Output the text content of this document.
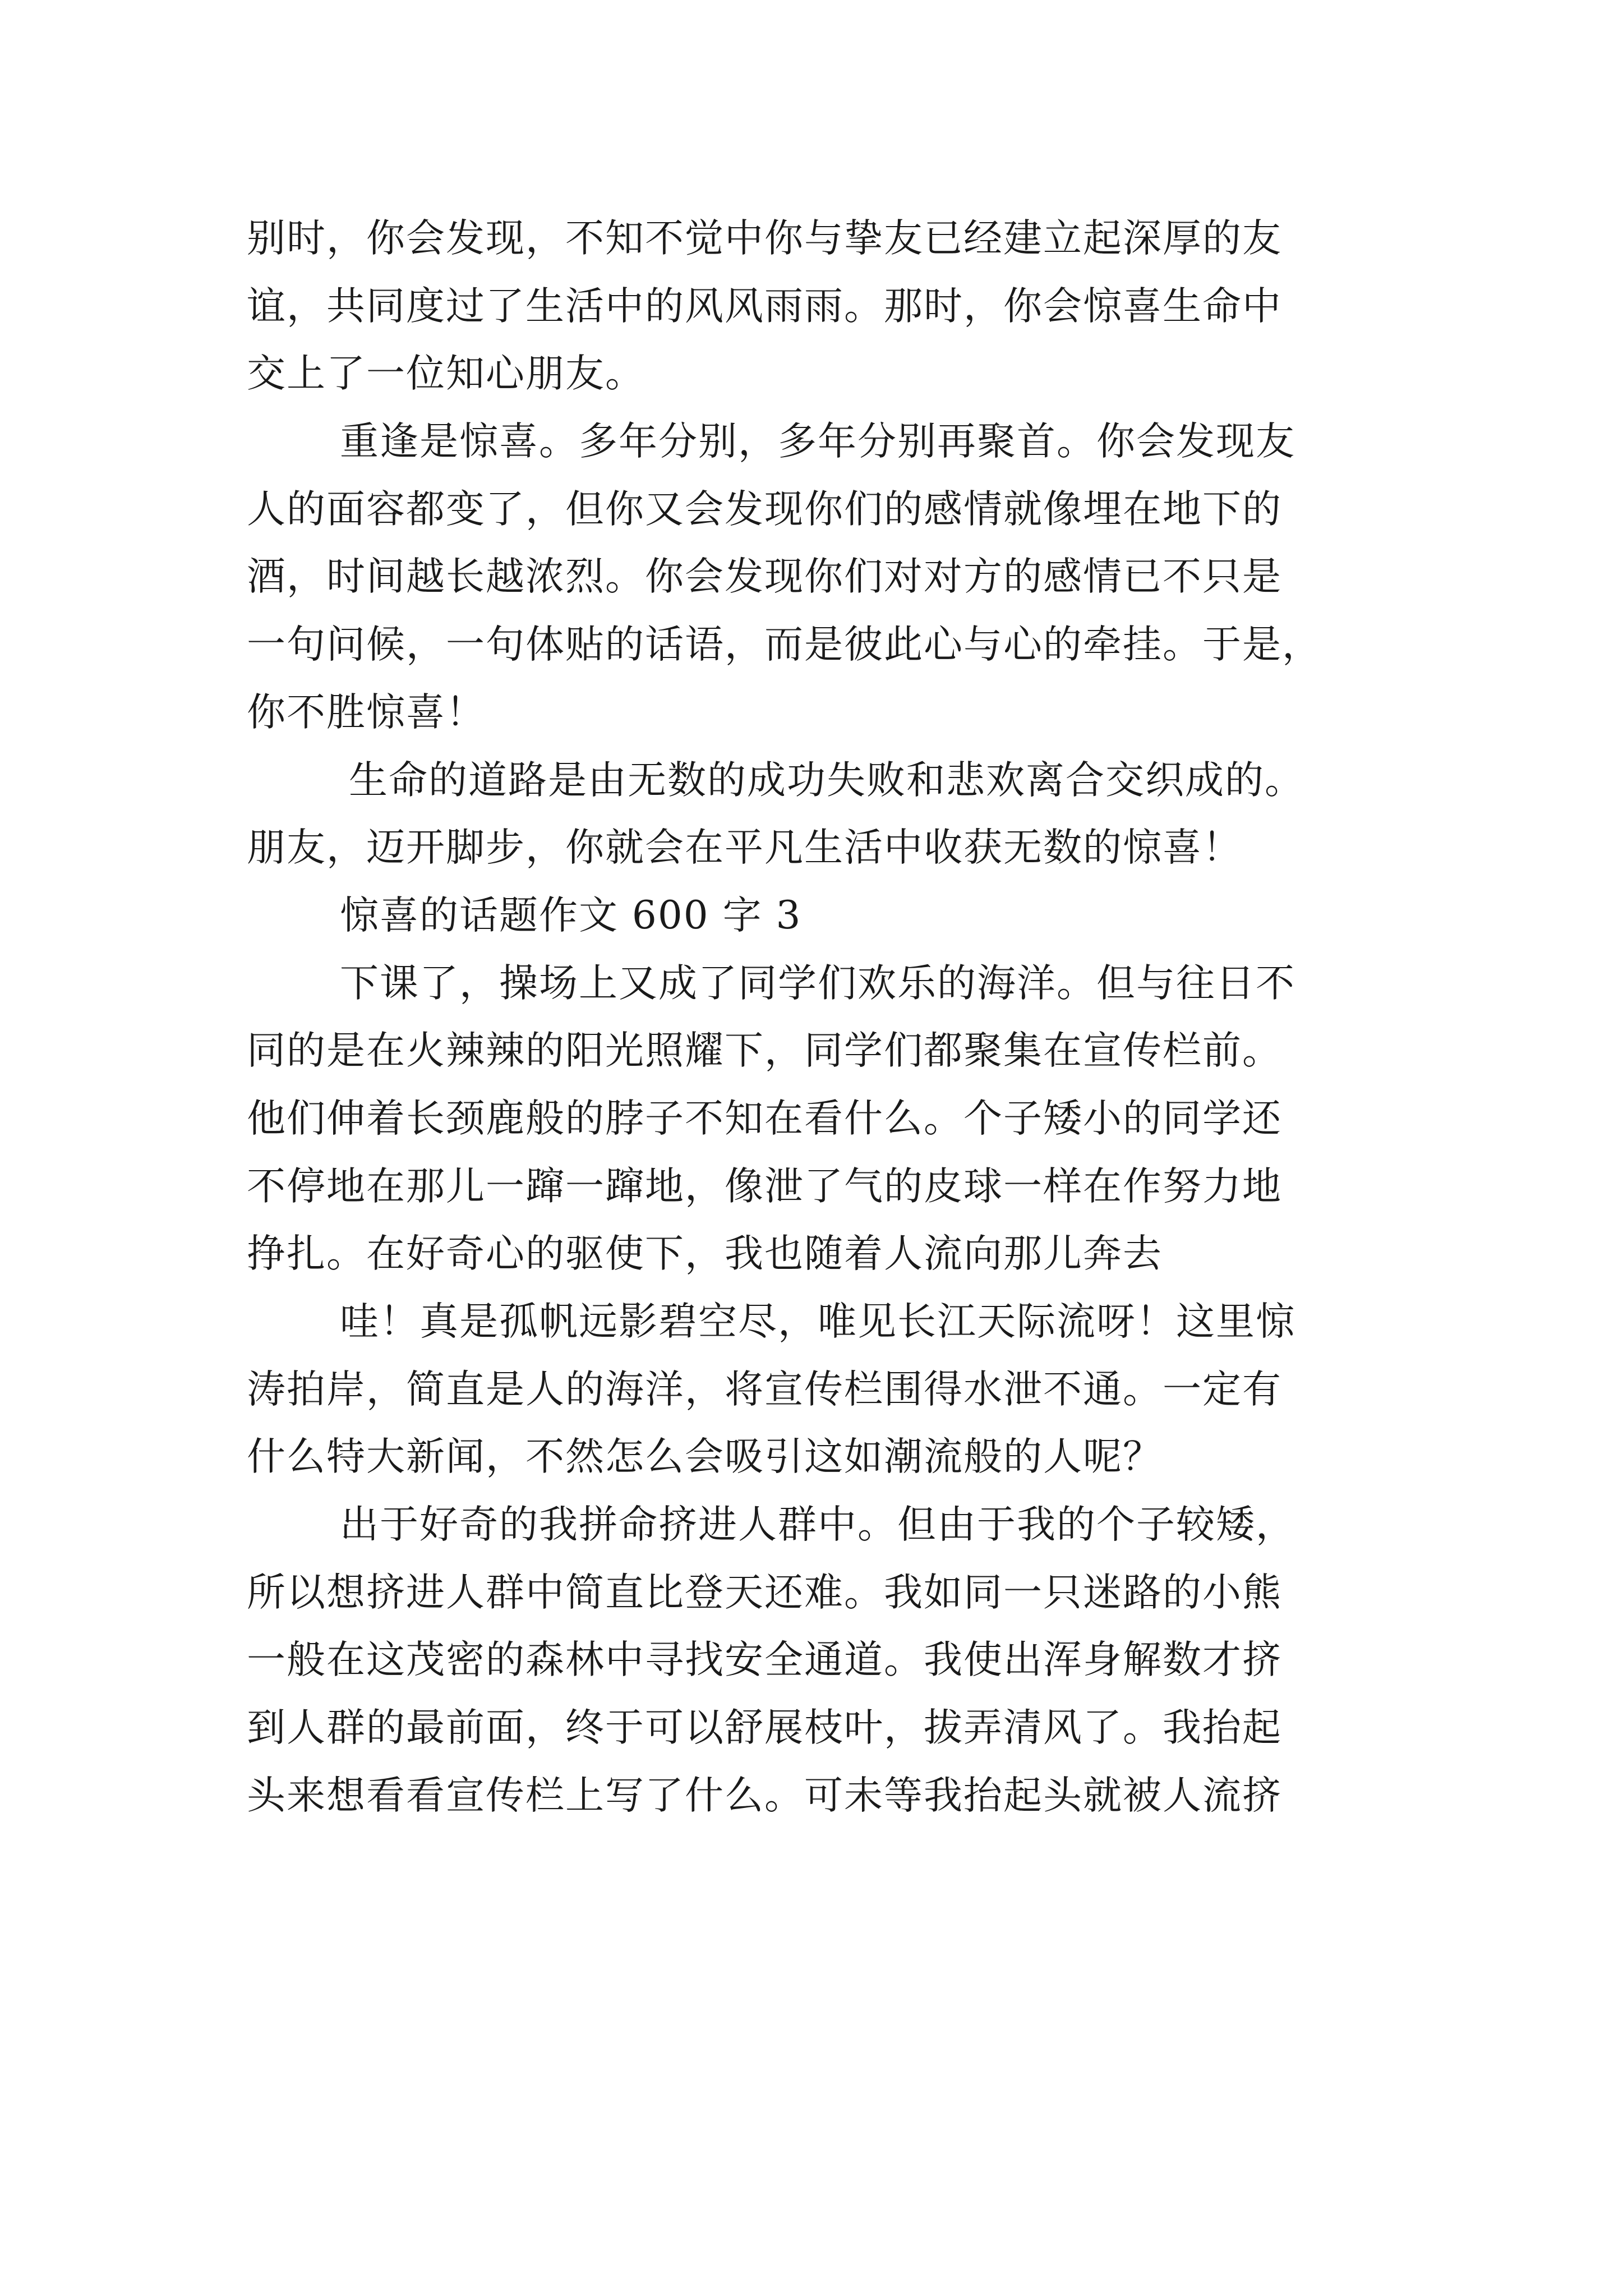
别时，你会发现，不知不觉中你与挚友已经建立起深厚的友
谊，共同度过了生活中的风风雨雨。那时，你会惊喜生命中
交上了一位知心朋友。
重逢是惊喜。多年分别，多年分别再聚首。你会发现友
人的面容都变了，但你又会发现你们的感情就像埋在地下的
酒，时间越长越浓烈。你会发现你们对对方的感情已不只是
一句问候，一句体贴的话语，而是彼此心与心的牵挂。于是，
你不胜惊喜！
生命的道路是由无数的成功失败和悲欢离合交织成的。
朋友，迈开脚步，你就会在平凡生活中收获无数的惊喜！
惊喜的话题作文 600 字 3
下课了，操场上又成了同学们欢乐的海洋。但与往日不
同的是在火辣辣的阳光照耀下，同学们都聚集在宣传栏前。
他们伸着长颈鹿般的脖子不知在看什么。个子矮小的同学还
不停地在那儿一蹿一蹿地，像泄了气的皮球一样在作努力地
挣扎。在好奇心的驱使下，我也随着人流向那儿奔去
哇！真是孤帆远影碧空尽，唯见长江天际流呀！这里惊
涛拍岸，简直是人的海洋，将宣传栏围得水泄不通。一定有
什么特大新闻，不然怎么会吸引这如潮流般的人呢？
出于好奇的我拼命挤进人群中。但由于我的个子较矮，
所以想挤进人群中简直比登天还难。我如同一只迷路的小熊
一般在这茂密的森林中寻找安全通道。我使出浑身解数才挤
到人群的最前面，终于可以舒展枝叶，拔弄清风了。我抬起
头来想看看宣传栏上写了什么。可未等我抬起头就被人流挤
